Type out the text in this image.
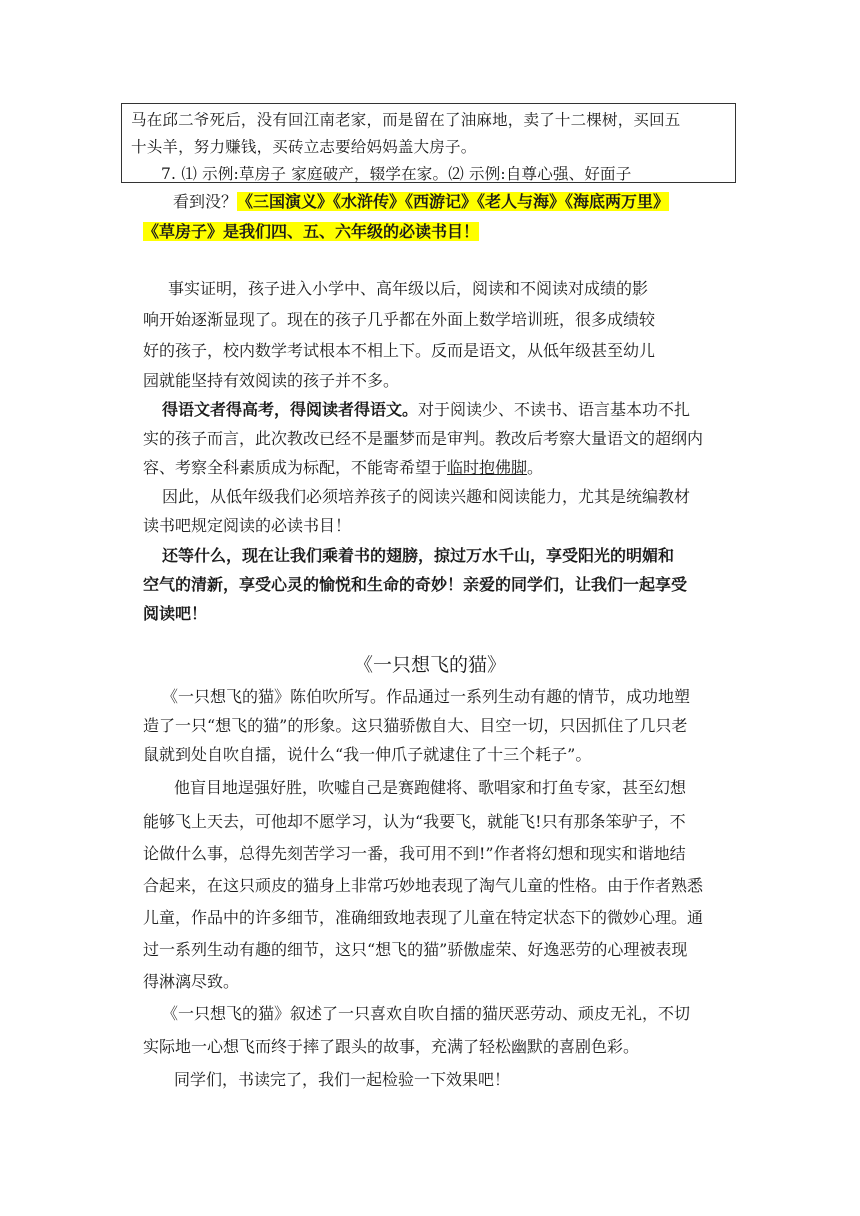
马在邱二爷死后，没有回江南老家，而是留在了油麻地，卖了十二棵树，买回五
十头羊，努力赚钱，买砖立志要给妈妈盖大房子。
7. ⑴ 示例:草房子 家庭破产，辍学在家。⑵ 示例:自尊心强、好面子
看到没？《三国演义》《水浒传》《西游记》《老人与海》《海底两万里》
《草房子》是我们四、五、六年级的必读书目！
事实证明，孩子进入小学中、高年级以后，阅读和不阅读对成绩的影
响开始逐渐显现了。现在的孩子几乎都在外面上数学培训班，很多成绩较
好的孩子，校内数学考试根本不相上下。反而是语文，从低年级甚至幼儿
园就能坚持有效阅读的孩子并不多。
得语文者得高考，得阅读者得语文。对于阅读少、不读书、语言基本功不扎
实的孩子而言，此次教改已经不是噩梦而是审判。教改后考察大量语文的超纲内
容、考察全科素质成为标配，不能寄希望于临时抱佛脚。
因此，从低年级我们必须培养孩子的阅读兴趣和阅读能力，尤其是统编教材
读书吧规定阅读的必读书目！
还等什么，现在让我们乘着书的翅膀，掠过万水千山，享受阳光的明媚和
空气的清新，享受心灵的愉悦和生命的奇妙！亲爱的同学们，让我们一起享受
阅读吧！
《一只想飞的猫》
《一只想飞的猫》陈伯吹所写。作品通过一系列生动有趣的情节，成功地塑
造了一只“想飞的猫”的形象。这只猫骄傲自大、目空一切，只因抓住了几只老
鼠就到处自吹自擂，说什么“我一伸爪子就逮住了十三个耗子”。
他盲目地逞强好胜，吹嘘自己是赛跑健将、歌唱家和打鱼专家，甚至幻想
能够飞上天去，可他却不愿学习，认为“我要飞，就能飞!只有那条笨驴子，不
论做什么事，总得先刻苦学习一番，我可用不到!”作者将幻想和现实和谐地结
合起来，在这只顽皮的猫身上非常巧妙地表现了淘气儿童的性格。由于作者熟悉
儿童，作品中的许多细节，准确细致地表现了儿童在特定状态下的微妙心理。通
过一系列生动有趣的细节，这只“想飞的猫”骄傲虚荣、好逸恶劳的心理被表现
得淋漓尽致。
《一只想飞的猫》叙述了一只喜欢自吹自擂的猫厌恶劳动、顽皮无礼，不切
实际地一心想飞而终于摔了跟头的故事，充满了轻松幽默的喜剧色彩。
同学们，书读完了，我们一起检验一下效果吧！
